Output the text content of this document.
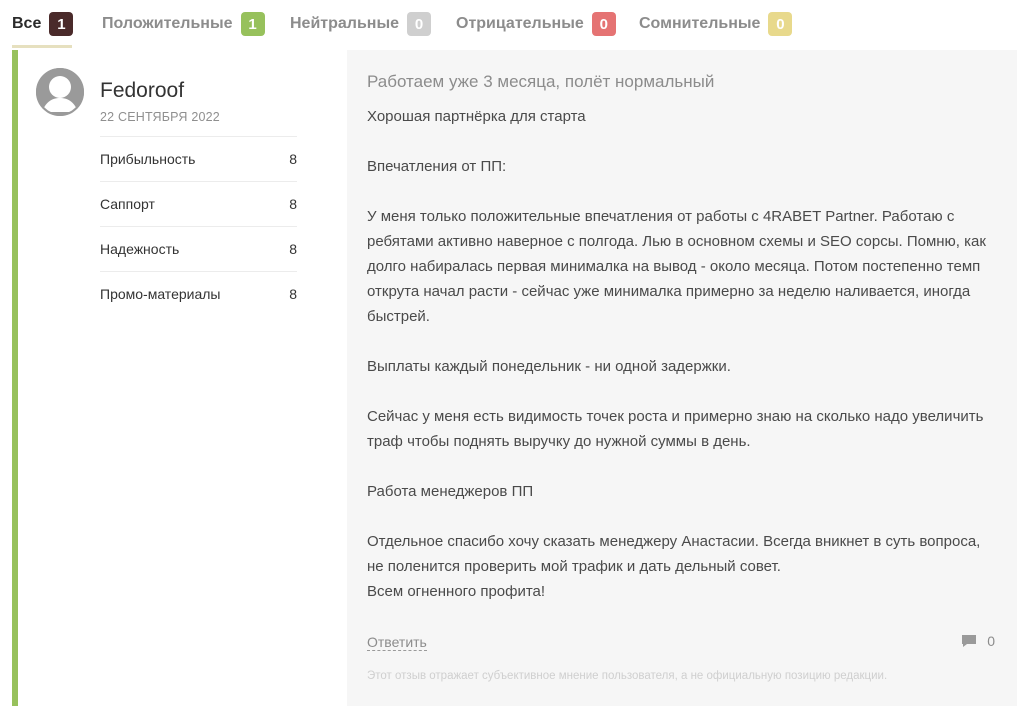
Все	1	Положительные	1	Нейтральные	0	Отрицательные	0	Сомнительные	0
Fedoroof
22 СЕНТЯБРЯ 2022
Прибыльность	8
Саппорт	8
Надежность	8
Промо-материалы	8
Работаем уже 3 месяца, полёт нормальный

Хорошая партнёрка для старта

Впечатления от ПП:

У меня только положительные впечатления от работы с 4RABET Partner. Работаю с ребятами активно наверное с полгода. Лью в основном схемы и SEO сорсы. Помню, как долго набиралась первая минималка на вывод - около месяца. Потом постепенно темп открута начал расти - сейчас уже минималка примерно за неделю наливается, иногда быстрей.

Выплаты каждый понедельник - ни одной задержки.

Сейчас у меня есть видимость точек роста и примерно знаю на сколько надо увеличить траф чтобы поднять выручку до нужной суммы в день.

Работа менеджеров ПП

Отдельное спасибо хочу сказать менеджеру Анастасии. Всегда вникнет в суть вопроса, не поленится проверить мой трафик и дать дельный совет.

Всем огненного профита!

Ответить	0
Этот отзыв отражает субъективное мнение пользователя, а не официальную позицию редакции.
